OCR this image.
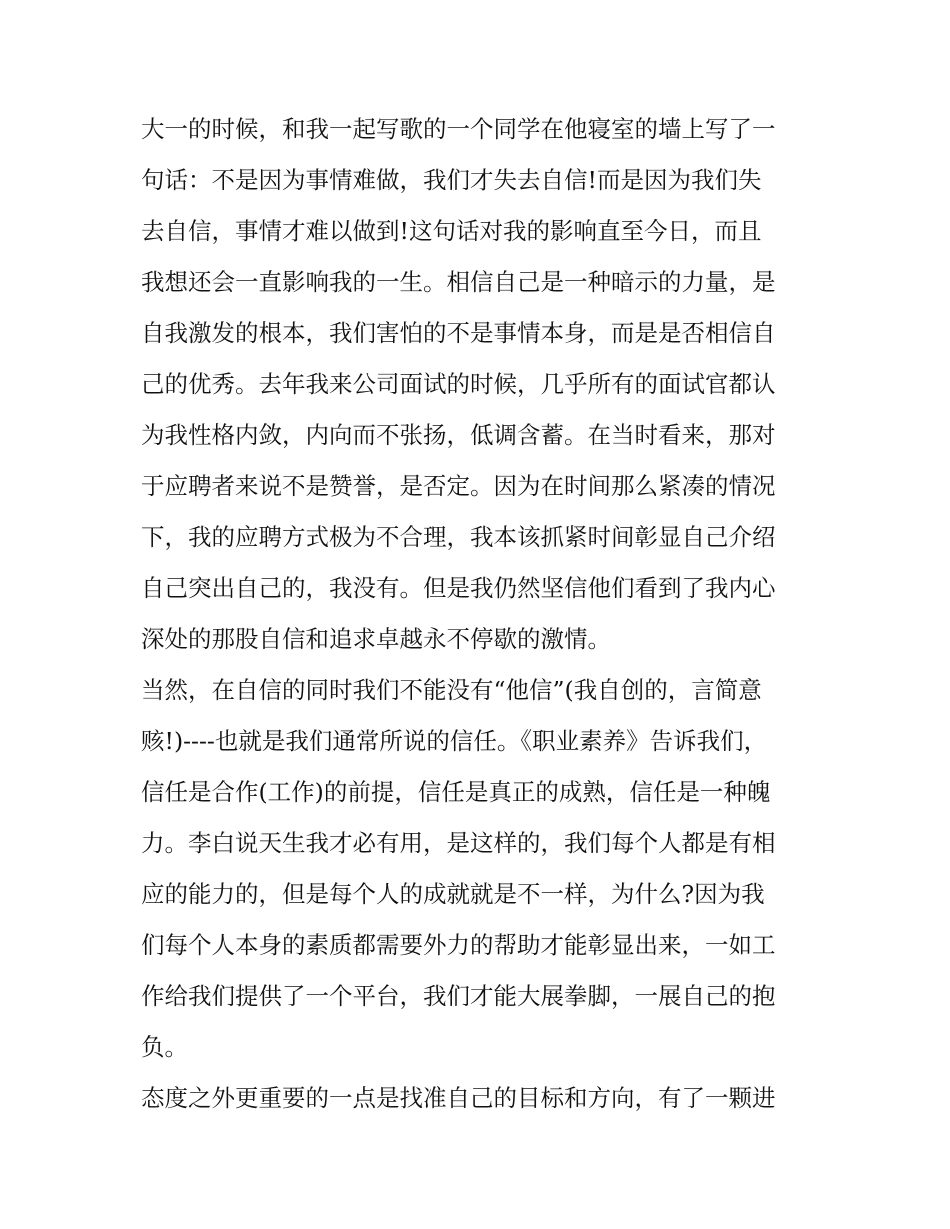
大一的时候，和我一起写歌的一个同学在他寝室的墙上写了一
句话：不是因为事情难做，我们才失去自信!而是因为我们失
去自信，事情才难以做到!这句话对我的影响直至今日，而且
我想还会一直影响我的一生。相信自己是一种暗示的力量，是
自我激发的根本，我们害怕的不是事情本身，而是是否相信自
己的优秀。去年我来公司面试的时候，几乎所有的面试官都认
为我性格内敛，内向而不张扬，低调含蓄。在当时看来，那对
于应聘者来说不是赞誉，是否定。因为在时间那么紧凑的情况
下，我的应聘方式极为不合理，我本该抓紧时间彰显自己介绍
自己突出自己的，我没有。但是我仍然坚信他们看到了我内心
深处的那股自信和追求卓越永不停歇的激情。
当然，在自信的同时我们不能没有“他信”(我自创的，言简意
赅!)----也就是我们通常所说的信任。《职业素养》告诉我们，
信任是合作(工作)的前提，信任是真正的成熟，信任是一种魄
力。李白说天生我才必有用，是这样的，我们每个人都是有相
应的能力的，但是每个人的成就就是不一样，为什么?因为我
们每个人本身的素质都需要外力的帮助才能彰显出来，一如工
作给我们提供了一个平台，我们才能大展拳脚，一展自己的抱
负。
态度之外更重要的一点是找准自己的目标和方向，有了一颗进
